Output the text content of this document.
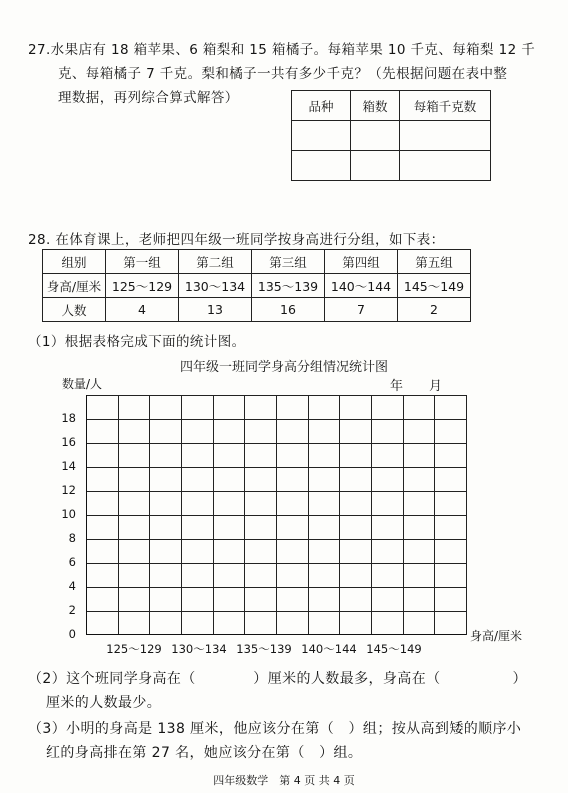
27.水果店有 18 箱苹果、6 箱梨和 15 箱橘子。每箱苹果 10 千克、每箱梨 12 千
克、每箱橘子 7 千克。梨和橘子一共有多少千克？（先根据问题在表中整
理数据，再列综合算式解答）	品种	箱数	每箱千克数

28. 在体育课上，老师把四年级一班同学按身高进行分组，如下表：
组别	第一组	第二组	第三组	第四组	第五组
身高/厘米	125～129	130～134	135～139	140～144	145～149
人数	4	13	16	7	2
（1）根据表格完成下面的统计图。
四年级一班同学身高分组情况统计图
数量/人	年　　月
0
2
4
6
8
10
12
14
16
18
125～129 130～134 135～139 140～144 145～149
身高/厘米
（2）这个班同学身高在（　　　　）厘米的人数最多，身高在（　　　　　）
厘米的人数最少。
（3）小明的身高是 138 厘米，他应该分在第（　）组；按从高到矮的顺序小
红的身高排在第 27 名，她应该分在第（　）组。
四年级数学　第 4 页 共 4 页
